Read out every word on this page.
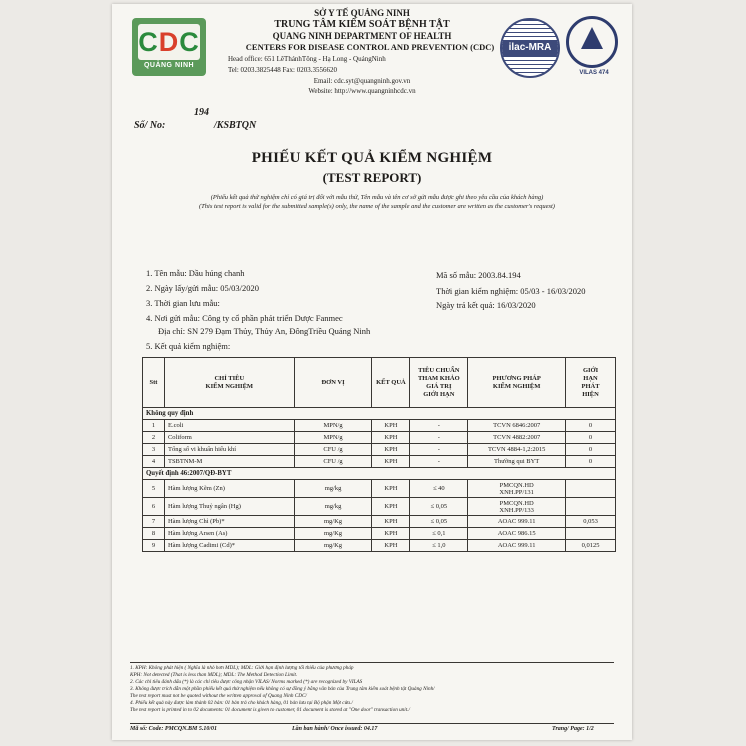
CDC
QUẢNG NINH
SỞ Y TẾ QUẢNG NINH
TRUNG TÂM KIỂM SOÁT BỆNH TẬT
QUANG NINH DEPARTMENT OF HEALTH
CENTERS FOR DISEASE CONTROL AND PREVENTION (CDC)
Head office: 651 LêThánhTông - Hạ Long - QuảngNinh
Tel: 0203.3825448 Fax: 0203.3556620
Email: cdc.syt@quangninh.gov.vn
Website: http://www.quangninhcdc.vn
ilac-MRA
VILAS 474
194
Số/ No:	/KSBTQN
PHIẾU KẾT QUẢ KIỂM NGHIỆM
(TEST REPORT)
(Phiếu kết quả thử nghiệm chỉ có giá trị đối với mẫu thử, Tên mẫu và tên cơ sở gửi mẫu được ghi theo yêu cầu của khách hàng)
(This test report is valid for the submitted sample(s) only, the name of the sample and the customer are written as the customer's request)
1. Tên mẫu: Dầu húng chanh
2. Ngày lấy/gửi mẫu: 05/03/2020
3. Thời gian lưu mẫu:
4. Nơi gửi mẫu: Công ty cổ phần phát triển Dược Fanmec
Địa chỉ: SN 279 Đạm Thủy, Thủy An, ĐôngTriều Quảng Ninh
5. Kết quả kiểm nghiệm:
Mã số mẫu: 2003.84.194
Thời gian kiểm nghiệm: 05/03 - 16/03/2020
Ngày trả kết quả: 16/03/2020
Stt	CHỈ TIÊU
KIỂM NGHIỆM	ĐƠN VỊ	KẾT QUẢ	TIÊU CHUẨN
THAM KHẢO
GIÁ TRỊ
GIỚI HẠN	PHƯƠNG PHÁP
KIỂM NGHIỆM	GIỚI
HẠN
PHÁT
HIỆN
Không quy định						
1	E.coli	MPN/g	KPH	-	TCVN 6846:2007	0
2	Coliform	MPN/g	KPH	-	TCVN 4882:2007	0
3	Tổng số vi khuẩn hiếu khí	CFU /g	KPH	-	TCVN 4884-1,2:2015	0
4	TSBTNM-M	CFU /g	KPH	-	Thường qui BYT	0
Quyết định 46:2007/QĐ-BYT						
5	Hàm lượng Kẽm (Zn)	mg/kg	KPH	≤ 40	PMCQN.HD
XNH.PP/131	
6	Hàm lượng Thuỷ ngân (Hg)	mg/kg	KPH	≤ 0,05	PMCQN.HD
XNH.PP/133	
7	Hàm lượng Chì (Pb)*	mg/Kg	KPH	≤ 0,05	AOAC 999.11	0,053
8	Hàm lượng Arsen (As)	mg/Kg	KPH	≤ 0,1	AOAC 986.15	
9	Hàm lượng Cadimi (Cd)*	mg/Kg	KPH	≤ 1,0	AOAC 999.11	0,0125
1. KPH: Không phát hiện ( Nghĩa là nhỏ hơn MDL); MDL: Giới hạn định lượng tối thiểu của phương pháp
KPH: Not detected (That is less than MDL); MDL: The Method Detection Limit.
2. Các chỉ tiêu đánh dấu (*) là các chỉ tiêu được công nhận VILAS/ Norms marked (*) are recognized by VILAS
3. Không được trích dẫn một phần phiếu kết quả thử nghiệm nếu không có sự đồng ý bằng văn bản của Trung tâm kiểm soát bệnh tật Quảng Ninh/
The test report must not be quoted without the written approval of Quang Ninh CDC/
4. Phiếu kết quả này được làm thành 02 bản: 01 bản trả cho khách hàng, 01 bản lưu tại Bộ phận Một cửa./
The test report is printed in to 02 documents: 01 document is given to customer, 01 document is stored at "One door" transaction unit./
Mã số: Code: PMCQN.BM 5.10/01	Lần ban hành/ Once issued: 04.17	Trang/ Page: 1/2
